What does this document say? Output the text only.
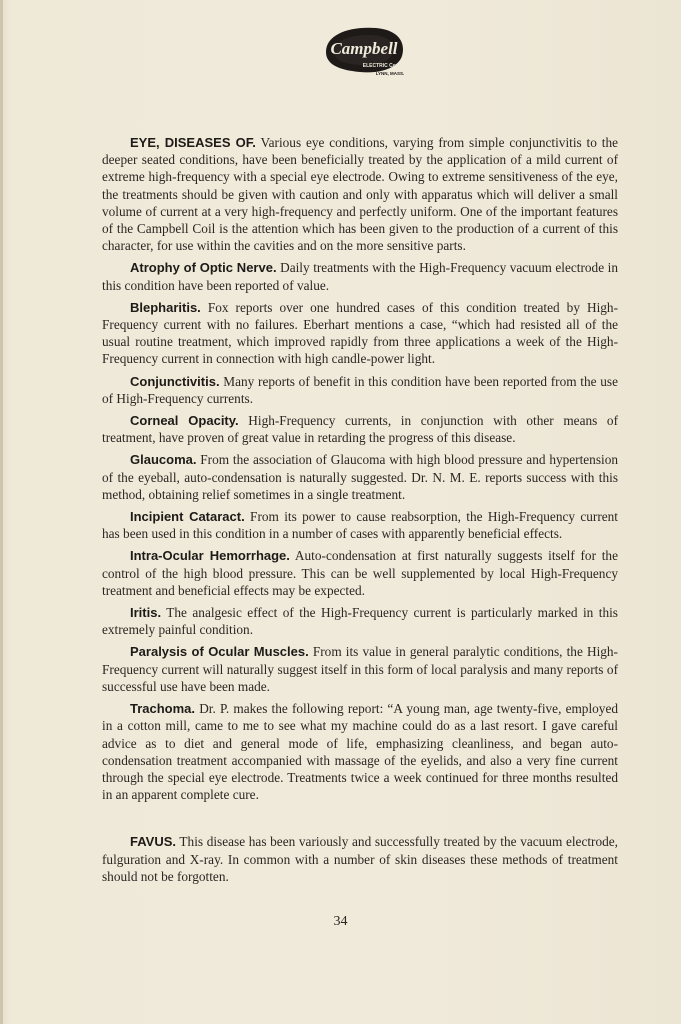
Campbell
ELECTRIC Co.
LYNN, MASS.

EYE, DISEASES OF. Various eye conditions, varying from simple conjunctivitis to the deeper seated conditions, have been beneficially treated by the application of a mild current of extreme high-frequency with a special eye electrode. Owing to extreme sensitiveness of the eye, the treatments should be given with caution and only with apparatus which will deliver a small volume of current at a very high-frequency and perfectly uniform. One of the important features of the Campbell Coil is the attention which has been given to the production of a current of this character, for use within the cavities and on the more sensitive parts.

Atrophy of Optic Nerve. Daily treatments with the High-Frequency vacuum electrode in this condition have been reported of value.

Blepharitis. Fox reports over one hundred cases of this condition treated by High-Frequency current with no failures. Eberhart mentions a case, “which had resisted all of the usual routine treatment, which improved rapidly from three applications a week of the High-Frequency current in connection with high candle-power light.

Conjunctivitis. Many reports of benefit in this condition have been reported from the use of High-Frequency currents.

Corneal Opacity. High-Frequency currents, in conjunction with other means of treatment, have proven of great value in retarding the progress of this disease.

Glaucoma. From the association of Glaucoma with high blood pressure and hypertension of the eyeball, auto-condensation is naturally suggested. Dr. N. M. E. reports success with this method, obtaining relief sometimes in a single treatment.

Incipient Cataract. From its power to cause reabsorption, the High-Frequency current has been used in this condition in a number of cases with apparently beneficial effects.

Intra-Ocular Hemorrhage. Auto-condensation at first naturally suggests itself for the control of the high blood pressure. This can be well supplemented by local High-Frequency treatment and beneficial effects may be expected.

Iritis. The analgesic effect of the High-Frequency current is particularly marked in this extremely painful condition.

Paralysis of Ocular Muscles. From its value in general paralytic conditions, the High-Frequency current will naturally suggest itself in this form of local paralysis and many reports of successful use have been made.

Trachoma. Dr. P. makes the following report: “A young man, age twenty-five, employed in a cotton mill, came to me to see what my machine could do as a last resort. I gave careful advice as to diet and general mode of life, emphasizing cleanliness, and began auto-condensation treatment accompanied with massage of the eyelids, and also a very fine current through the special eye electrode. Treatments twice a week continued for three months resulted in an apparent complete cure.

FAVUS. This disease has been variously and successfully treated by the vacuum electrode, fulguration and X-ray. In common with a number of skin diseases these methods of treatment should not be forgotten.

34
